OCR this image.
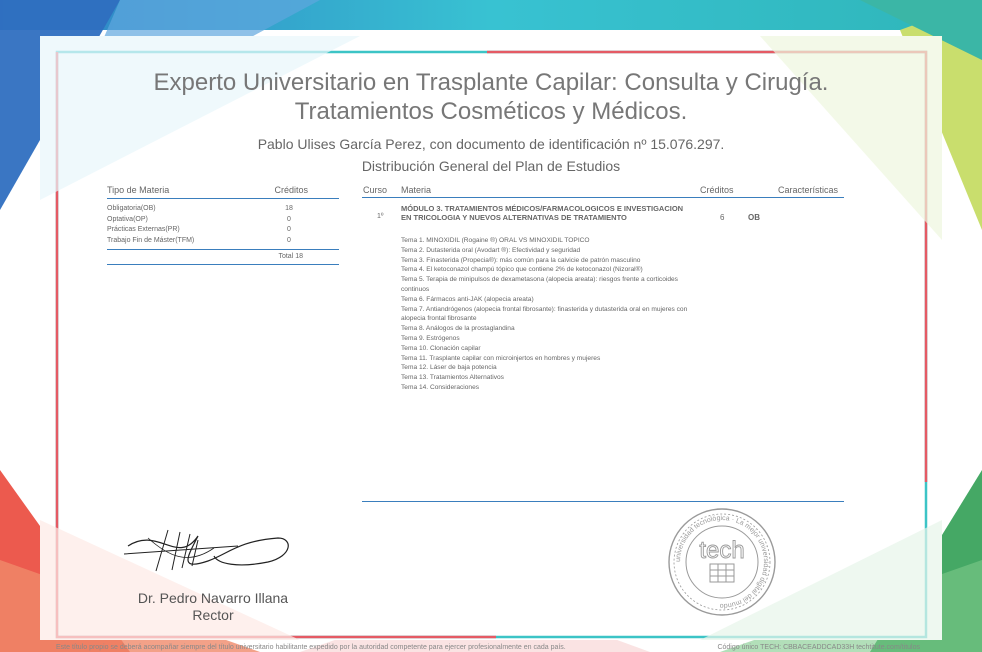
Experto Universitario en Trasplante Capilar: Consulta y Cirugía.
Tratamientos Cosméticos y Médicos.
Pablo Ulises García Perez, con documento de identificación nº 15.076.297.
Distribución General del Plan de Estudios
Tipo de Materia	Créditos
Obligatoria(OB)	18
Optativa(OP)	0
Prácticas Externas(PR)	0
Trabajo Fin de Máster(TFM)	0
Total 18
Curso Materia	Créditos	Características
1º
MÓDULO 3. TRATAMIENTOS MÉDICOS/FARMACOLOGICOS E INVESTIGACION EN TRICOLOGIA Y NUEVOS ALTERNATIVAS DE TRATAMIENTO	6	OB
Tema 1. MINOXIDIL (Rogaine ®) ORAL VS MINOXIDIL TOPICO
Tema 2. Dutasterida oral (Avodart ®): Efectividad y seguridad
Tema 3. Finasterida (Propecia®): más común para la calvicie de patrón masculino
Tema 4. El ketoconazol champú tópico que contiene 2% de ketoconazol (Nizoral®)
Tema 5. Terapia de minipulsos de dexametasona (alopecia areata): riesgos frente a corticoides continuos
Tema 6. Fármacos anti-JAK (alopecia areata)
Tema 7. Antiandrógenos (alopecia frontal fibrosante): finasterida y dutasterida oral en mujeres con alopecia frontal fibrosante
Tema 8. Análogos de la prostaglandina
Tema 9. Estrógenos
Tema 10. Clonación capilar
Tema 11. Trasplante capilar con microinjertos en hombres y mujeres
Tema 12. Láser de baja potencia
Tema 13. Tratamientos Alternativos
Tema 14. Consideraciones
Dr. Pedro Navarro Illana
Rector
universidad tecnológica · La mejor universidad digital del mundo
tech
Este título propio se deberá acompañar siempre del título universitario habilitante expedido por la autoridad competente para ejercer profesionalmente en cada país.	Código único TECH: CBBACEADDCAD33H techtitute.com/titulos
